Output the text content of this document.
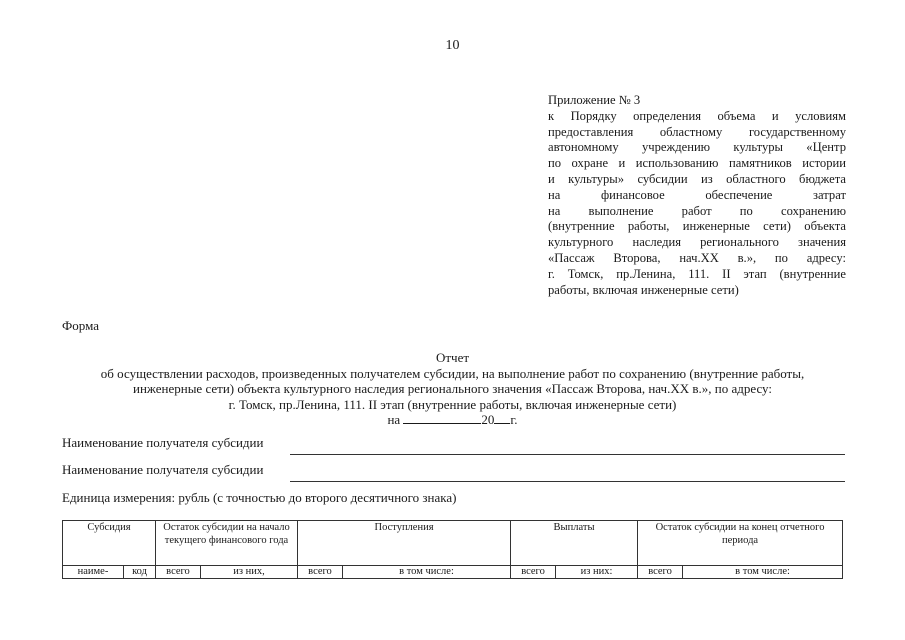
10
Приложение № 3
к Порядку определения объема и условиям
предоставления областному государственному
автономному учреждению культуры «Центр
по охране и использованию памятников истории
и культуры» субсидии из областного бюджета
на финансовое обеспечение затрат
на выполнение работ по сохранению
(внутренние работы, инженерные сети) объекта
культурного наследия регионального значения
«Пассаж Второва, нач.XX в.», по адресу:
г. Томск, пр.Ленина, 111. II этап (внутренние
работы, включая инженерные сети)
Форма
Отчет
об осуществлении расходов, произведенных получателем субсидии, на выполнение работ по сохранению (внутренние работы,
инженерные сети) объекта культурного наследия регионального значения «Пассаж Второва, нач.XX в.», по адресу:
г. Томск, пр.Ленина, 111. II этап (внутренние работы, включая инженерные сети)
на	20 г.
Наименование получателя субсидии
Наименование получателя субсидии
Единица измерения: рубль (с точностью до второго десятичного знака)
Субсидия		Остаток субсидии на начало текущего финансового года		Поступления		Выплаты		Остаток субсидии на конец отчетного периода	
наиме-	код	всего	из них,	всего	в том числе:	всего	из них:	всего	в том числе:
